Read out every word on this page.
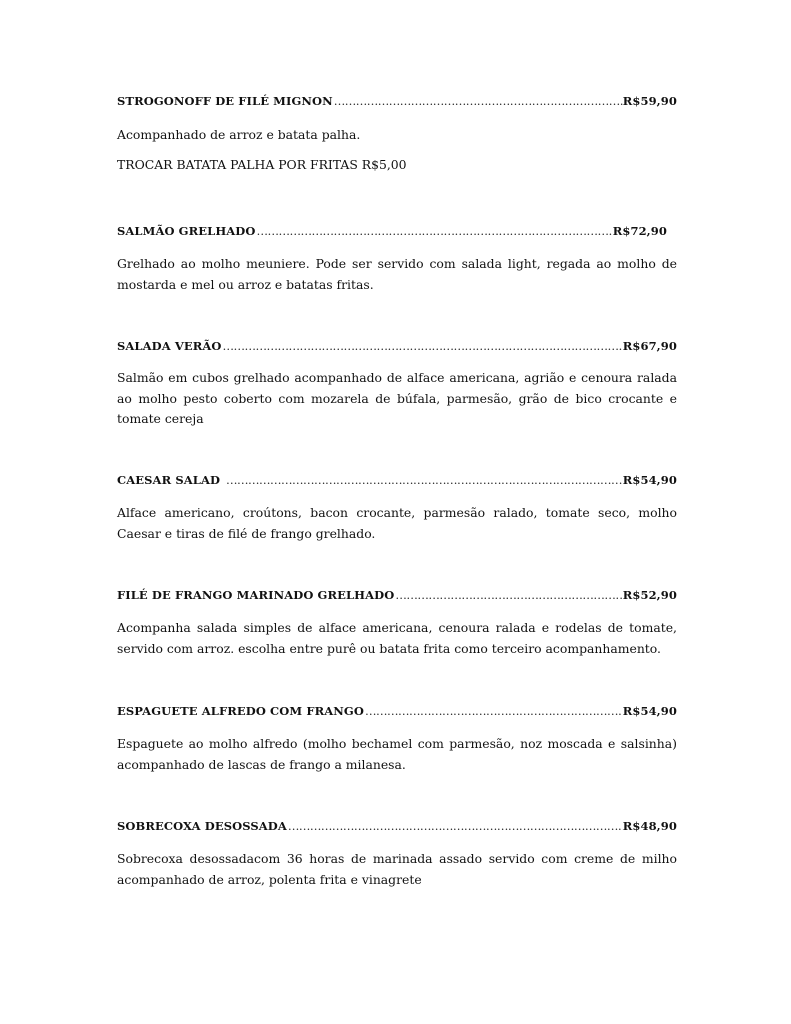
STROGONOFF DE FILÉ MIGNON ……………………………………………………………………………………………………………………………………………………………………………………………………	R$59,90

Acompanhado de arroz e batata palha.

TROCAR BATATA PALHA POR FRITAS R$5,00

SALMÃO GRELHADO ……………………………………………………………………………………………………………………………………………………………………………………………………	R$72,90

Grelhado ao molho meuniere. Pode ser servido com salada light, regada ao molho de mostarda e mel ou arroz e batatas fritas.

SALADA VERÃO ……………………………………………………………………………………………………………………………………………………………………………………………………	R$67,90

Salmão em cubos grelhado acompanhado de alface americana, agrião e cenoura ralada ao molho pesto coberto com mozarela de búfala, parmesão, grão de bico crocante e tomate cereja

CAESAR SALAD ……………………………………………………………………………………………………………………………………………………………………………………………………	R$54,90

Alface americano, croútons, bacon crocante, parmesão ralado, tomate seco, molho Caesar e tiras de filé de frango grelhado.

FILÉ DE FRANGO MARINADO GRELHADO ……………………………………………………………………………………………………………………………………………………………………………………………………	R$52,90

Acompanha salada simples de alface americana, cenoura ralada e rodelas de tomate, servido com arroz. escolha entre purê ou batata frita como terceiro acompanhamento.

ESPAGUETE ALFREDO COM FRANGO ……………………………………………………………………………………………………………………………………………………………………………………………………	R$54,90

Espaguete ao molho alfredo (molho bechamel com parmesão, noz moscada e salsinha) acompanhado de lascas de frango a milanesa.

SOBRECOXA DESOSSADA ……………………………………………………………………………………………………………………………………………………………………………………………………	R$48,90

Sobrecoxa desossadacom 36 horas de marinada assado servido com creme de milho acompanhado de arroz, polenta frita e vinagrete
